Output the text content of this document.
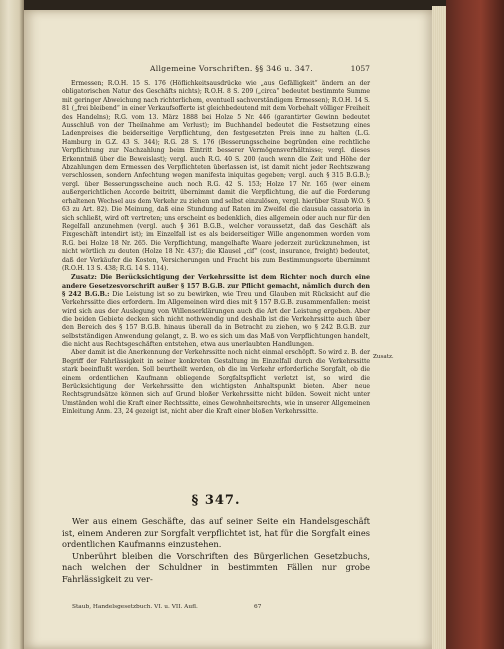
Allgemeine Vorschriften. §§ 346 u. 347.	1057

Ermessen; R.O.H. 15 S. 176 (Höflichkeitsausdrücke wie „aus Gefälligkeit“ ändern an der obligatorischen Natur des Geschäfts nichts); R.O.H. 8 S. 209 („circa“ bedeutet bestimmte Summe mit geringer Abweichung nach richterlichem, eventuell sachverständigem Ermessen); R.O.H. 14 S. 81 („frei bleibend“ in einer Verkaufsofferte ist gleichbedeutend mit dem Vorbehalt völliger Freiheit des Handelns); R.G. vom 13. März 1888 bei Holze 5 Nr. 446 (garantirter Gewinn bedeutet Ausschluß von der Theilnahme am Verlust); im Buchhandel bedeutet die Festsetzung eines Ladenpreises die beiderseitige Verpflichtung, den festgesetzten Preis inne zu halten (L.G. Hamburg in G.Z. 43 S. 344); R.G. 28 S. 176 (Besserungsscheine begründen eine rechtliche Verpflichtung zur Nachzahlung beim Eintritt besserer Vermögensverhältnisse; vergl. dieses Erkenntniß über die Beweislast); vergl. auch R.G. 40 S. 200 (auch wenn die Zeit und Höhe der Abzahlungen dem Ermessen des Verpflichteten überlassen ist, ist damit nicht jeder Rechtszwang verschlossen, sondern Anfechtung wegen manifesta iniquitas gegeben; vergl. auch § 315 B.G.B.); vergl. über Besserungsscheine auch noch R.G. 42 S. 153; Holze 17 Nr. 165 (wer einem außergerichtlichen Accorde beitritt, übernimmt damit die Verpflichtung, die auf die Forderung erhaltenen Wechsel aus dem Verkehr zu ziehen und selbst einzulösen, vergl. hierüber Staub W.O. § 63 zu Art. 82). Die Meinung, daß eine Stundung auf Raten im Zweifel die clausula cassatoria in sich schließt, wird oft vertreten; uns erscheint es bedenklich, dies allgemein oder auch nur für den Regelfall anzunehmen (vergl. auch § 361 B.G.B., welcher voraussetzt, daß das Geschäft als Fixgeschäft intendirt ist); im Einzelfall ist es als beiderseitiger Wille angenommen worden vom R.G. bei Holze 18 Nr. 265. Die Verpflichtung, mangelhafte Waare jederzeit zurückzunehmen, ist nicht wörtlich zu deuten (Holze 18 Nr. 437); die Klausel „cif“ (cost, insurance, freight) bedeutet, daß der Verkäufer die Kosten, Versicherungen und Fracht bis zum Bestimmungsorte übernimmt (R.O.H. 13 S. 438; R.G. 14 S. 114).

Zusatz: Die Berücksichtigung der Verkehrssitte ist dem Richter noch durch eine andere Gesetzesvorschrift außer § 157 B.G.B. zur Pflicht gemacht, nämlich durch den § 242 B.G.B.: Die Leistung ist so zu bewirken, wie Treu und Glauben mit Rücksicht auf die Verkehrssitte dies erfordern. Im Allgemeinen wird dies mit § 157 B.G.B. zusammenfallen: meist wird sich aus der Auslegung von Willenserklärungen auch die Art der Leistung ergeben. Aber die beiden Gebiete decken sich nicht nothwendig und deshalb ist die Verkehrssitte auch über den Bereich des § 157 B.G.B. hinaus überall da in Betracht zu ziehen, wo § 242 B.G.B. zur selbstständigen Anwendung gelangt, z. B. wo es sich um das Maß von Verpflichtungen handelt, die nicht aus Rechtsgeschäften entstehen, etwa aus unerlaubten Handlungen.

Aber damit ist die Anerkennung der Verkehrssitte noch nicht einmal erschöpft. So wird z. B. der Begriff der Fahrlässigkeit in seiner konkreten Gestaltung im Einzelfall durch die Verkehrssitte stark beeinflußt werden. Soll beurtheilt werden, ob die im Verkehr erforderliche Sorgfalt, ob die einem ordentlichen Kaufmann obliegende Sorgfaltspflicht verletzt ist, so wird die Berücksichtigung der Verkehrssitte den wichtigsten Anhaltspunkt bieten. Aber neue Rechtsgrundsätze können sich auf Grund bloßer Verkehrssitte nicht bilden. Soweit nicht unter Umständen wohl die Kraft einer Rechtssitte, eines Gewohnheitsrechts, wie in unserer Allgemeinen Einleitung Anm. 23, 24 gezeigt ist, nicht aber die Kraft einer bloßen Verkehrssitte.

Zusatz.
§ 347.

Wer aus einem Geschäfte, das auf seiner Seite ein Handelsgeschäft ist, einem Anderen zur Sorgfalt verpflichtet ist, hat für die Sorgfalt eines ordentlichen Kaufmanns einzustehen.

Unberührt bleiben die Vorschriften des Bürgerlichen Gesetzbuchs, nach welchen der Schuldner in bestimmten Fällen nur grobe Fahrlässigkeit zu ver-

Staub, Handelsgesetzbuch. VI. u. VII. Aufl.	67
